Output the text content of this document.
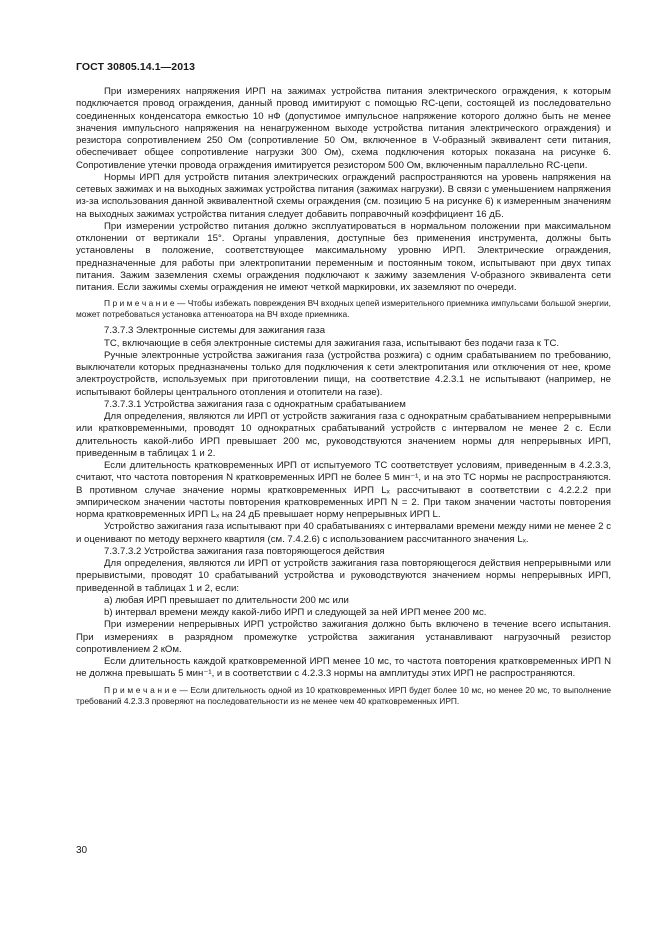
ГОСТ 30805.14.1—2013

При измерениях напряжения ИРП на зажимах устройства питания электрического ограждения, к которым подключается провод ограждения, данный провод имитируют с помощью RC-цепи, состоящей из последовательно соединенных конденсатора емкостью 10 нФ (допустимое импульсное напряжение которого должно быть не менее значения импульсного напряжения на ненагруженном выходе устройства питания электрического ограждения) и резистора сопротивлением 250 Ом (сопротивление 50 Ом, включенное в V-образный эквивалент сети питания, обеспечивает общее сопротивление нагрузки 300 Ом), схема подключения которых показана на рисунке 6. Сопротивление утечки провода ограждения имитируется резистором 500 Ом, включенным параллельно RC-цепи.

Нормы ИРП для устройств питания электрических ограждений распространяются на уровень напряжения на сетевых зажимах и на выходных зажимах устройства питания (зажимах нагрузки). В связи с уменьшением напряжения из-за использования данной эквивалентной схемы ограждения (см. позицию 5 на рисунке 6) к измеренным значениям на выходных зажимах устройства питания следует добавить поправочный коэффициент 16 дБ.

При измерении устройство питания должно эксплуатироваться в нормальном положении при максимальном отклонении от вертикали 15°. Органы управления, доступные без применения инструмента, должны быть установлены в положение, соответствующее максимальному уровню ИРП. Электрические ограждения, предназначенные для работы при электропитании переменным и постоянным током, испытывают при двух типах питания. Зажим заземления схемы ограждения подключают к зажиму заземления V-образного эквивалента сети питания. Если зажимы схемы ограждения не имеют четкой маркировки, их заземляют по очереди.

П р и м е ч а н и е — Чтобы избежать повреждения ВЧ входных цепей измерительного приемника импульсами большой энергии, может потребоваться установка аттенюатора на ВЧ входе приемника.

7.3.7.3 Электронные системы для зажигания газа

ТС, включающие в себя электронные системы для зажигания газа, испытывают без подачи газа к ТС.

Ручные электронные устройства зажигания газа (устройства розжига) с одним срабатыванием по требованию, выключатели которых предназначены только для подключения к сети электропитания или отключения от нее, кроме электроустройств, используемых при приготовлении пищи, на соответствие 4.2.3.1 не испытывают (например, не испытывают бойлеры центрального отопления и отопители на газе).

7.3.7.3.1 Устройства зажигания газа с однократным срабатыванием

Для определения, являются ли ИРП от устройств зажигания газа с однократным срабатыванием непрерывными или кратковременными, проводят 10 однократных срабатываний устройств с интервалом не менее 2 с. Если длительность какой-либо ИРП превышает 200 мс, руководствуются значением нормы для непрерывных ИРП, приведенным в таблицах 1 и 2.

Если длительность кратковременных ИРП от испытуемого ТС соответствует условиям, приведенным в 4.2.3.3, считают, что частота повторения N кратковременных ИРП не более 5 мин⁻¹, и на это ТС нормы не распространяются. В противном случае значение нормы кратковременных ИРП Lₓ рассчитывают в соответствии с 4.2.2.2 при эмпирическом значении частоты повторения кратковременных ИРП N = 2. При таком значении частоты повторения норма кратковременных ИРП Lₓ на 24 дБ превышает норму непрерывных ИРП L.

Устройство зажигания газа испытывают при 40 срабатываниях с интервалами времени между ними не менее 2 с и оценивают по методу верхнего квартиля (см. 7.4.2.6) с использованием рассчитанного значения Lₓ.

7.3.7.3.2 Устройства зажигания газа повторяющегося действия

Для определения, являются ли ИРП от устройств зажигания газа повторяющегося действия непрерывными или прерывистыми, проводят 10 срабатываний устройства и руководствуются значением нормы непрерывных ИРП, приведенной в таблицах 1 и 2, если:

a) любая ИРП превышает по длительности 200 мс или

b) интервал времени между какой-либо ИРП и следующей за ней ИРП менее 200 мс.

При измерении непрерывных ИРП устройство зажигания должно быть включено в течение всего испытания. При измерениях в разрядном промежутке устройства зажигания устанавливают нагрузочный резистор сопротивлением 2 кОм.

Если длительность каждой кратковременной ИРП менее 10 мс, то частота повторения кратковременных ИРП N не должна превышать 5 мин⁻¹, и в соответствии с 4.2.3.3 нормы на амплитуды этих ИРП не распространяются.

П р и м е ч а н и е — Если длительность одной из 10 кратковременных ИРП будет более 10 мс, но менее 20 мс, то выполнение требований 4.2.3.3 проверяют на последовательности из не менее чем 40 кратковременных ИРП.

30
